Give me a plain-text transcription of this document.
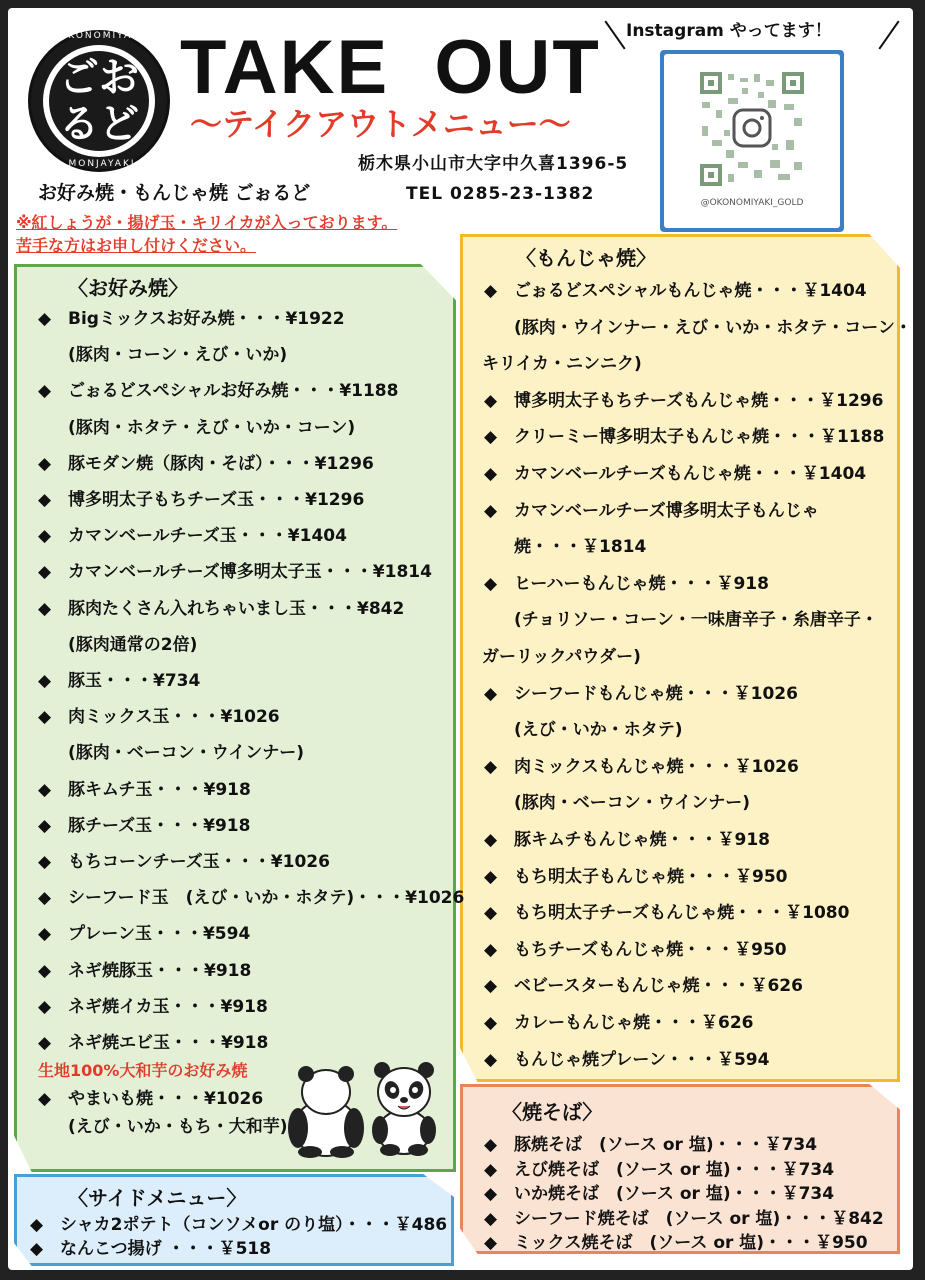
OKONOMIYAKI
ごおるど
MONJAYAKI
TAKE OUT
〜テイクアウトメニュー〜
栃木県小山市大字中久喜1396-5
お好み焼・もんじゃ焼 ごぉるど	TEL 0285-23-1382
※紅しょうが・揚げ玉・キリイカが入っております。
苦手な方はお申し付けください。
Instagram やってます！
@OKONOMIYAKI_GOLD
〈お好み焼〉
生地100%大和芋のお好み焼
◆ やまいも焼・・・¥1026
(えび・いか・もち・大和芋)
〈もんじゃ焼〉
〈焼そば〉
〈サイドメニュー〉
◆ Bigミックスお好み焼・・・¥1922
(豚肉・コーン・えび・いか)
◆ ごぉるどスペシャルお好み焼・・・¥1188
(豚肉・ホタテ・えび・いか・コーン)
◆ 豚モダン焼（豚肉・そば）・・・¥1296
◆ 博多明太子もちチーズ玉・・・¥1296
◆ カマンベールチーズ玉・・・¥1404
◆ カマンベールチーズ博多明太子玉・・・¥1814
◆ 豚肉たくさん入れちゃいまし玉・・・¥842
(豚肉通常の2倍)
◆ 豚玉・・・¥734
◆ 肉ミックス玉・・・¥1026
(豚肉・ベーコン・ウインナー)
◆ 豚キムチ玉・・・¥918
◆ 豚チーズ玉・・・¥918
◆ もちコーンチーズ玉・・・¥1026
◆ シーフード玉　(えび・いか・ホタテ)・・・¥1026
◆ プレーン玉・・・¥594
◆ ネギ焼豚玉・・・¥918
◆ ネギ焼イカ玉・・・¥918
◆ ネギ焼エビ玉・・・¥918
◆ ごぉるどスペシャルもんじゃ焼・・・￥1404
(豚肉・ウインナー・えび・いか・ホタテ・コーン・
キリイカ・ニンニク)
◆ 博多明太子もちチーズもんじゃ焼・・・￥1296
◆ クリーミー博多明太子もんじゃ焼・・・￥1188
◆ カマンベールチーズもんじゃ焼・・・￥1404
◆ カマンベールチーズ博多明太子もんじゃ
焼・・・￥1814
◆ ヒーハーもんじゃ焼・・・￥918
(チョリソー・コーン・一味唐辛子・糸唐辛子・
ガーリックパウダー)
◆ シーフードもんじゃ焼・・・￥1026
(えび・いか・ホタテ)
◆ 肉ミックスもんじゃ焼・・・￥1026
(豚肉・ベーコン・ウインナー)
◆ 豚キムチもんじゃ焼・・・￥918
◆ もち明太子もんじゃ焼・・・￥950
◆ もち明太子チーズもんじゃ焼・・・￥1080
◆ もちチーズもんじゃ焼・・・￥950
◆ ベビースターもんじゃ焼・・・￥626
◆ カレーもんじゃ焼・・・￥626
◆ もんじゃ焼プレーン・・・￥594
◆ 豚焼そば　(ソース or 塩)・・・￥734
◆ えび焼そば　(ソース or 塩)・・・￥734
◆ いか焼そば　(ソース or 塩)・・・￥734
◆ シーフード焼そば　(ソース or 塩)・・・￥842
◆ ミックス焼そば　(ソース or 塩)・・・￥950
◆ シャカ2ポテト（コンソメor のり塩）・・・￥486
◆ なんこつ揚げ ・・・￥518
